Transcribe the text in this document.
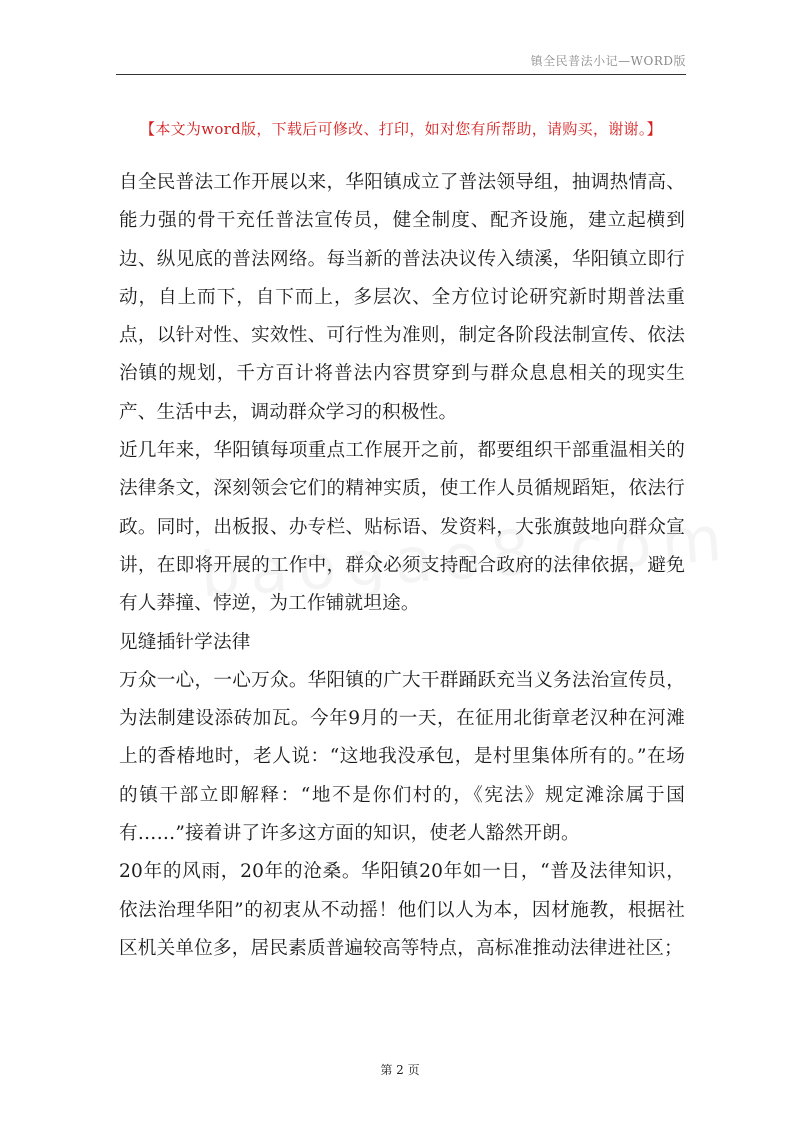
镇全民普法小记—WORD版
【本文为word版，下载后可修改、打印，如对您有所帮助，请购买，谢谢。】

自全民普法工作开展以来，华阳镇成立了普法领导组，抽调热情高、能力强的骨干充任普法宣传员，健全制度、配齐设施，建立起横到边、纵见底的普法网络。每当新的普法决议传入绩溪，华阳镇立即行动，自上而下，自下而上，多层次、全方位讨论研究新时期普法重点，以针对性、实效性、可行性为准则，制定各阶段法制宣传、依法治镇的规划，千方百计将普法内容贯穿到与群众息息相关的现实生产、生活中去，调动群众学习的积极性。

近几年来，华阳镇每项重点工作展开之前，都要组织干部重温相关的法律条文，深刻领会它们的精神实质，使工作人员循规蹈矩，依法行政。同时，出板报、办专栏、贴标语、发资料，大张旗鼓地向群众宣讲，在即将开展的工作中，群众必须支持配合政府的法律依据，避免有人莽撞、悖逆，为工作铺就坦途。

见缝插针学法律

万众一心，一心万众。华阳镇的广大干群踊跃充当义务法治宣传员，为法制建设添砖加瓦。今年9月的一天，在征用北街章老汉种在河滩上的香椿地时，老人说：“这地我没承包，是村里集体所有的。”在场的镇干部立即解释：“地不是你们村的，《宪法》规定滩涂属于国有……”接着讲了许多这方面的知识，使老人豁然开朗。

20年的风雨，20年的沧桑。华阳镇20年如一日，“普及法律知识，依法治理华阳”的初衷从不动摇！他们以人为本，因材施教，根据社区机关单位多，居民素质普遍较高等特点，高标准推动法律进社区；

第 2 页
